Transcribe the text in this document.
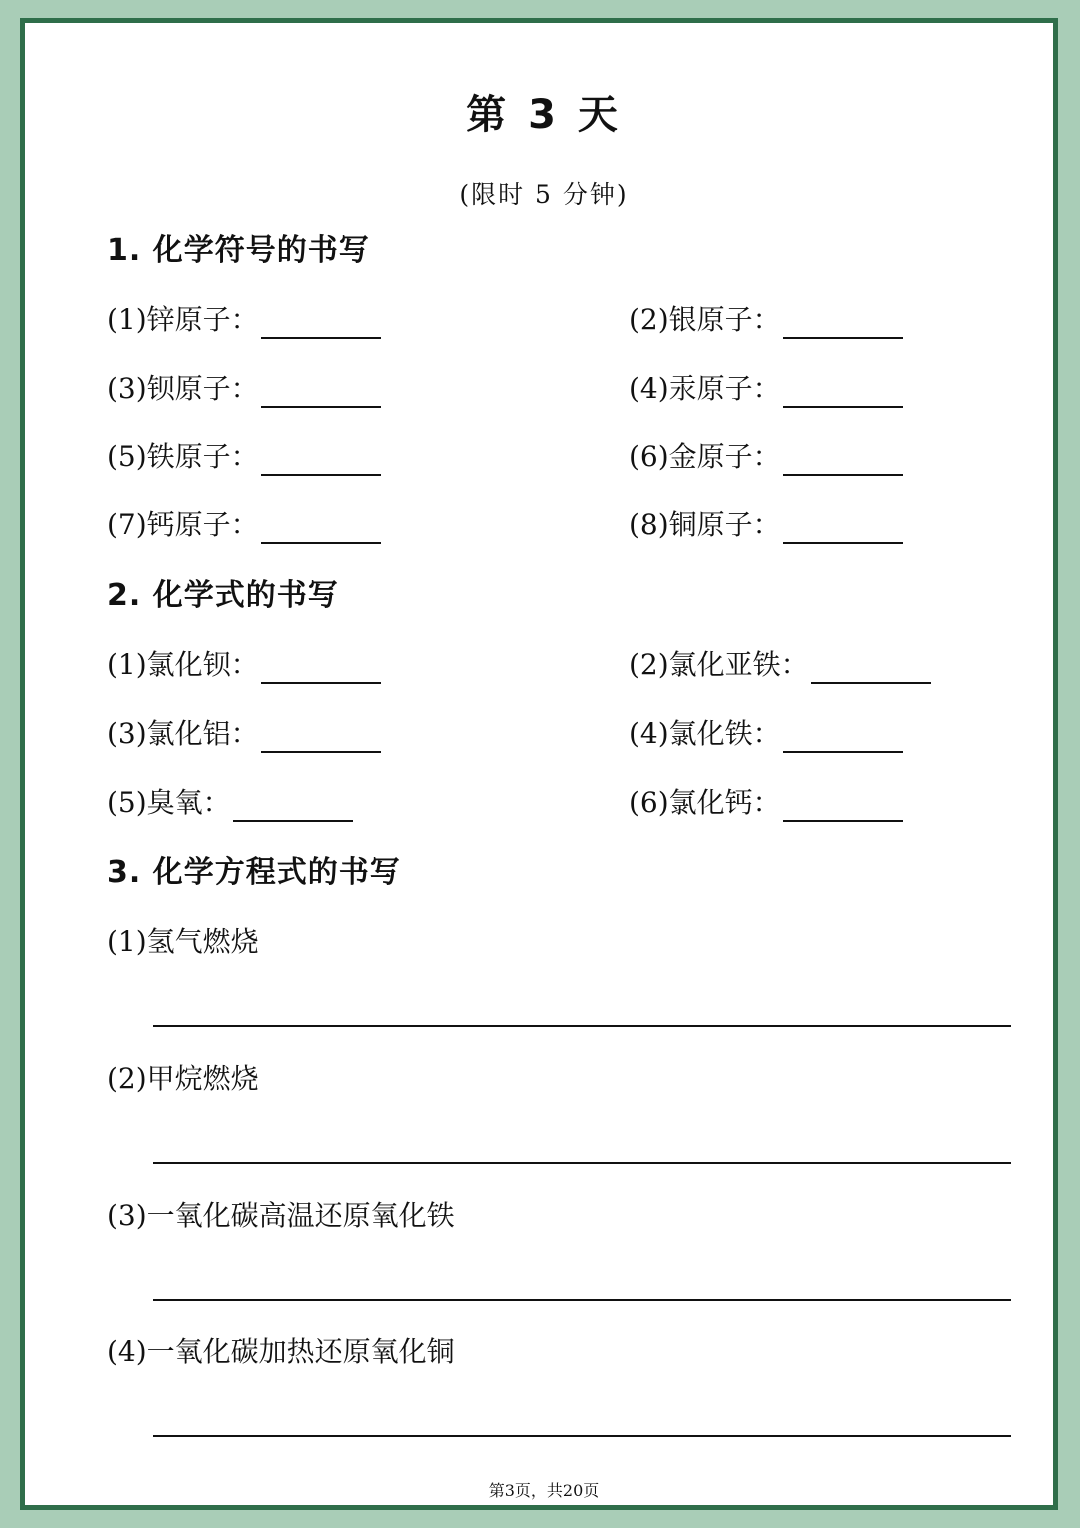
第 3 天
(限时 5 分钟)
1. 化学符号的书写
(1)锌原子：	(2)银原子：
(3)钡原子：	(4)汞原子：
(5)铁原子：	(6)金原子：
(7)钙原子：	(8)铜原子：
2. 化学式的书写
(1)氯化钡：	(2)氯化亚铁：
(3)氯化铝：	(4)氯化铁：
(5)臭氧：	(6)氯化钙：
3. 化学方程式的书写
(1)氢气燃烧
(2)甲烷燃烧
(3)一氧化碳高温还原氧化铁
(4)一氧化碳加热还原氧化铜
第3页，共20页
